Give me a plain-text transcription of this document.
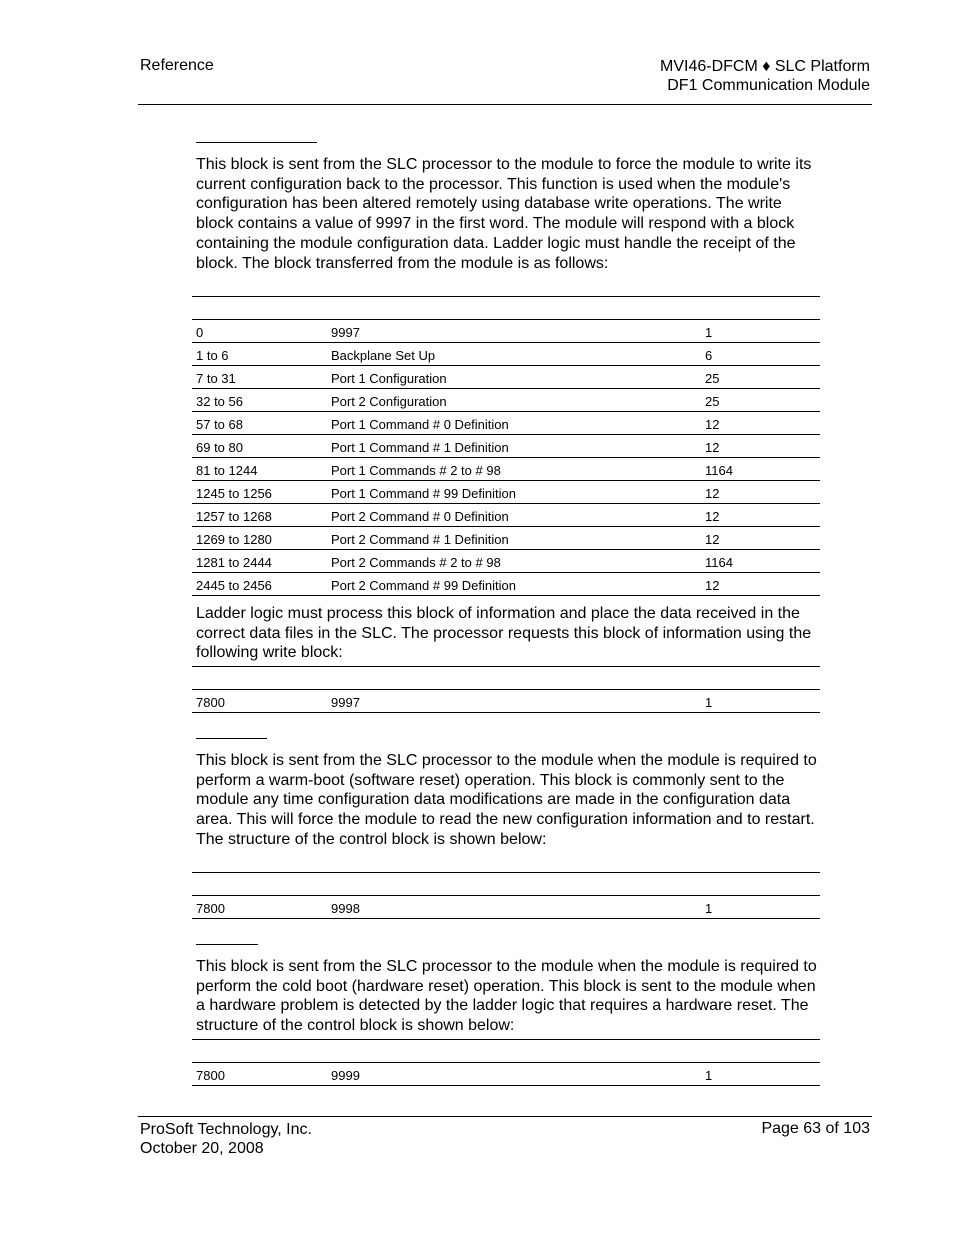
Reference	MVI46-DFCM ♦ SLC Platform
DF1 Communication Module
This block is sent from the SLC processor to the module to force the module to write its current configuration back to the processor. This function is used when the module's configuration has been altered remotely using database write operations. The write block contains a value of 9997 in the first word. The module will respond with a block containing the module configuration data. Ladder logic must handle the receipt of the block. The block transferred from the module is as follows:
0	9997	1
1 to 6	Backplane Set Up	6
7 to 31	Port 1 Configuration	25
32 to 56	Port 2 Configuration	25
57 to 68	Port 1 Command # 0 Definition	12
69 to 80	Port 1 Command # 1 Definition	12
81 to 1244	Port 1 Commands # 2 to # 98	1164
1245 to 1256	Port 1 Command # 99 Definition	12
1257 to 1268	Port 2 Command # 0 Definition	12
1269 to 1280	Port 2 Command # 1 Definition	12
1281 to 2444	Port 2 Commands # 2 to # 98	1164
2445 to 2456	Port 2 Command # 99 Definition	12
Ladder logic must process this block of information and place the data received in the correct data files in the SLC. The processor requests this block of information using the following write block:
7800	9997	1
This block is sent from the SLC processor to the module when the module is required to perform a warm-boot (software reset) operation. This block is commonly sent to the module any time configuration data modifications are made in the configuration data area. This will force the module to read the new configuration information and to restart. The structure of the control block is shown below:
7800	9998	1
This block is sent from the SLC processor to the module when the module is required to perform the cold boot (hardware reset) operation. This block is sent to the module when a hardware problem is detected by the ladder logic that requires a hardware reset. The structure of the control block is shown below:
7800	9999	1
ProSoft Technology, Inc.
October 20, 2008
Page 63 of 103
